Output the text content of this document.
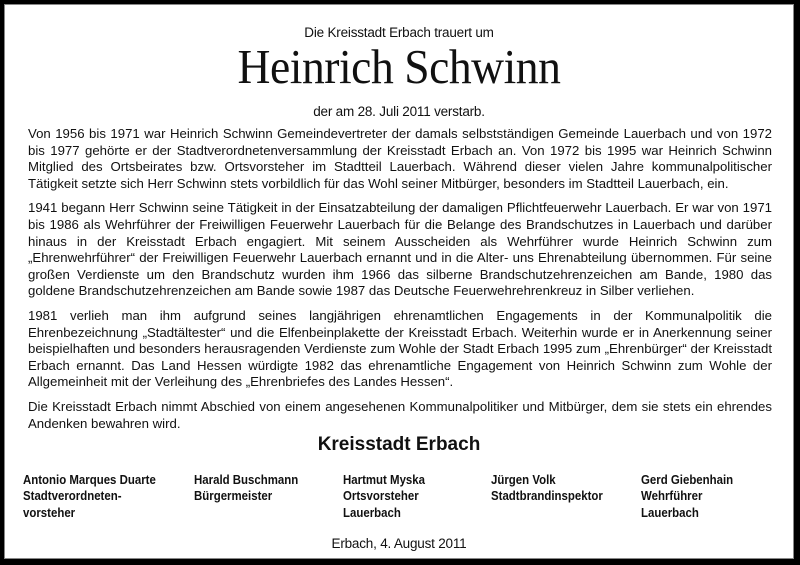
Die Kreisstadt Erbach trauert um
Heinrich Schwinn
der am 28. Juli 2011 verstarb.

Von 1956 bis 1971 war Heinrich Schwinn Gemeindevertreter der damals selbstständigen Gemeinde Lauerbach und von 1972 bis 1977 gehörte er der Stadtverordnetenversammlung der Kreisstadt Erbach an. Von 1972 bis 1995 war Heinrich Schwinn Mitglied des Ortsbeirates bzw. Ortsvorsteher im Stadtteil Lauerbach. Während dieser vielen Jahre kommunalpolitischer Tätigkeit setzte sich Herr Schwinn stets vorbildlich für das Wohl seiner Mitbürger, besonders im Stadtteil Lauerbach, ein.

1941 begann Herr Schwinn seine Tätigkeit in der Einsatzabteilung der damaligen Pflichtfeuerwehr Lauerbach. Er war von 1971 bis 1986 als Wehrführer der Freiwilligen Feuerwehr Lauerbach für die Belange des Brandschutzes in Lauerbach und darüber hinaus in der Kreisstadt Erbach engagiert. Mit seinem Ausscheiden als Wehrführer wurde Heinrich Schwinn zum „Ehrenwehrführer“ der Freiwilligen Feuerwehr Lauerbach ernannt und in die Alter- uns Ehrenabteilung übernommen. Für seine großen Verdienste um den Brandschutz wurden ihm 1966 das silberne Brandschutzehrenzeichen am Bande, 1980 das goldene Brandschutzehrenzeichen am Bande sowie 1987 das Deutsche Feuerwehrehrenkreuz in Silber verliehen.

1981 verlieh man ihm aufgrund seines langjährigen ehrenamtlichen Engagements in der Kommunalpolitik die Ehrenbezeichnung „Stadtältester“ und die Elfenbeinplakette der Kreisstadt Erbach. Weiterhin wurde er in Anerkennung seiner beispielhaften und besonders herausragenden Verdienste zum Wohle der Stadt Erbach 1995 zum „Ehrenbürger“ der Kreisstadt Erbach ernannt. Das Land Hessen würdigte 1982 das ehrenamtliche Engagement von Heinrich Schwinn zum Wohle der Allgemeinheit mit der Verleihung des „Ehrenbriefes des Landes Hessen“.

Die Kreisstadt Erbach nimmt Abschied von einem angesehenen Kommunalpolitiker und Mitbürger, dem sie stets ein ehrendes Andenken bewahren wird.

Kreisstadt Erbach
Antonio Marques Duarte
Stadtverordneten-
vorsteher
Harald Buschmann
Bürgermeister
Hartmut Myska
Ortsvorsteher
Lauerbach
Jürgen Volk
Stadtbrandinspektor
Gerd Giebenhain
Wehrführer
Lauerbach
Erbach, 4. August 2011
